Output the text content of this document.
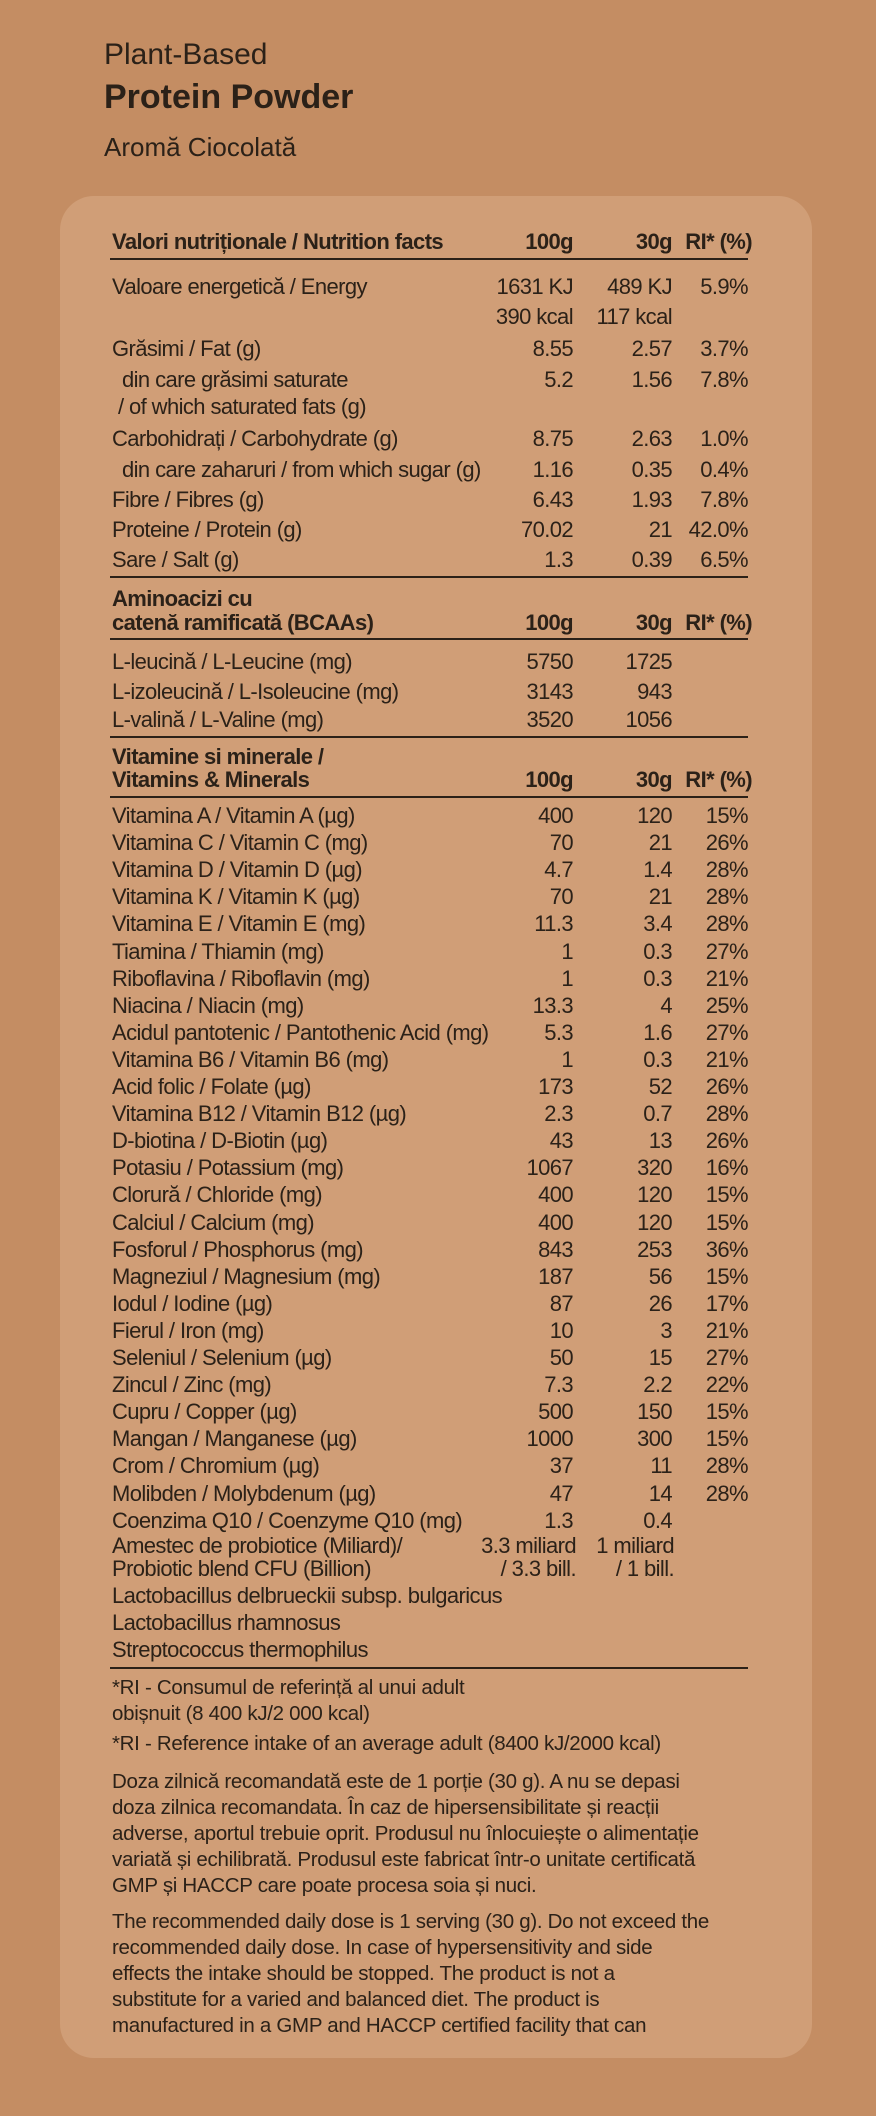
Plant-Based
Protein Powder
Aromă Ciocolată
Valori nutriționale / Nutrition facts	100g	30g RI* (%)
Valoare energetică / Energy	1631 KJ 489 KJ 5.9%
390 kcal 117 kcal
Grăsimi / Fat (g)	8.55	2.57 3.7%
din care grăsimi saturate	5.2	1.56 7.8%
/ of which saturated fats (g)
Carbohidrați / Carbohydrate (g)	8.75	2.63 1.0%
din care zaharuri / from which sugar (g) 1.16	0.35 0.4%
Fibre / Fibres (g)	6.43	1.93 7.8%
Proteine / Protein (g)	70.02	21 42.0%
Sare / Salt (g)	1.3	0.39 6.5%
Aminoacizi cu
catenă ramificată (BCAAs)	100g	30g RI* (%)
L-leucină / L-Leucine (mg)	5750 1725
L-izoleucină / L-Isoleucine (mg)	3143	943
L-valină / L-Valine (mg)	3520 1056
Vitamine si minerale /
Vitamins & Minerals	100g	30g RI* (%)
Vitamina A / Vitamin A (µg)	400	120 15%
Vitamina C / Vitamin C (mg)	70	21 26%
Vitamina D / Vitamin D (µg)	4.7	1.4 28%
Vitamina K / Vitamin K (µg)	70	21 28%
Vitamina E / Vitamin E (mg)	11.3	3.4 28%
Tiamina / Thiamin (mg)	1	0.3 27%
Riboflavina / Riboflavin (mg)	1	0.3 21%
Niacina / Niacin (mg)	13.3	4 25%
Acidul pantotenic / Pantothenic Acid (mg)	5.3	1.6 27%
Vitamina B6 / Vitamin B6 (mg)	1	0.3 21%
Acid folic / Folate (µg)	173	52 26%
Vitamina B12 / Vitamin B12 (µg)	2.3	0.7 28%
D-biotina / D-Biotin (µg)	43	13 26%
Potasiu / Potassium (mg)	1067	320 16%
Clorură / Chloride (mg)	400	120 15%
Calciul / Calcium (mg)	400	120 15%
Fosforul / Phosphorus (mg)	843	253 36%
Magneziul / Magnesium (mg)	187	56 15%
Iodul / Iodine (µg)	87	26 17%
Fierul / Iron (mg)	10	3 21%
Seleniul / Selenium (µg)	50	15 27%
Zincul / Zinc (mg)	7.3	2.2 22%
Cupru / Copper (µg)	500	150 15%
Mangan / Manganese (µg)	1000	300 15%
Crom / Chromium (µg)	37	11 28%
Molibden / Molybdenum (µg)	47	14 28%
Coenzima Q10 / Coenzyme Q10 (mg)	1.3	0.4
Amestec de probiotice (Miliard)/	3.3 miliard 1 miliard
Probiotic blend CFU (Billion)	/ 3.3 bill. / 1 bill.
Lactobacillus delbrueckii subsp. bulgaricus
Lactobacillus rhamnosus
Streptococcus thermophilus

*RI - Consumul de referință al unui adult

obișnuit (8 400 kJ/2 000 kcal)

*RI - Reference intake of an average adult (8400 kJ/2000 kcal)

Doza zilnică recomandată este de 1 porție (30 g). A nu se depasi

doza zilnica recomandata. În caz de hipersensibilitate și reacții

adverse, aportul trebuie oprit. Produsul nu înlocuiește o alimentație

variată și echilibrată. Produsul este fabricat într-o unitate certificată

GMP și HACCP care poate procesa soia și nuci.

The recommended daily dose is 1 serving (30 g). Do not exceed the

recommended daily dose. In case of hypersensitivity and side

effects the intake should be stopped. The product is not a

substitute for a varied and balanced diet. The product is

manufactured in a GMP and HACCP certified facility that can
